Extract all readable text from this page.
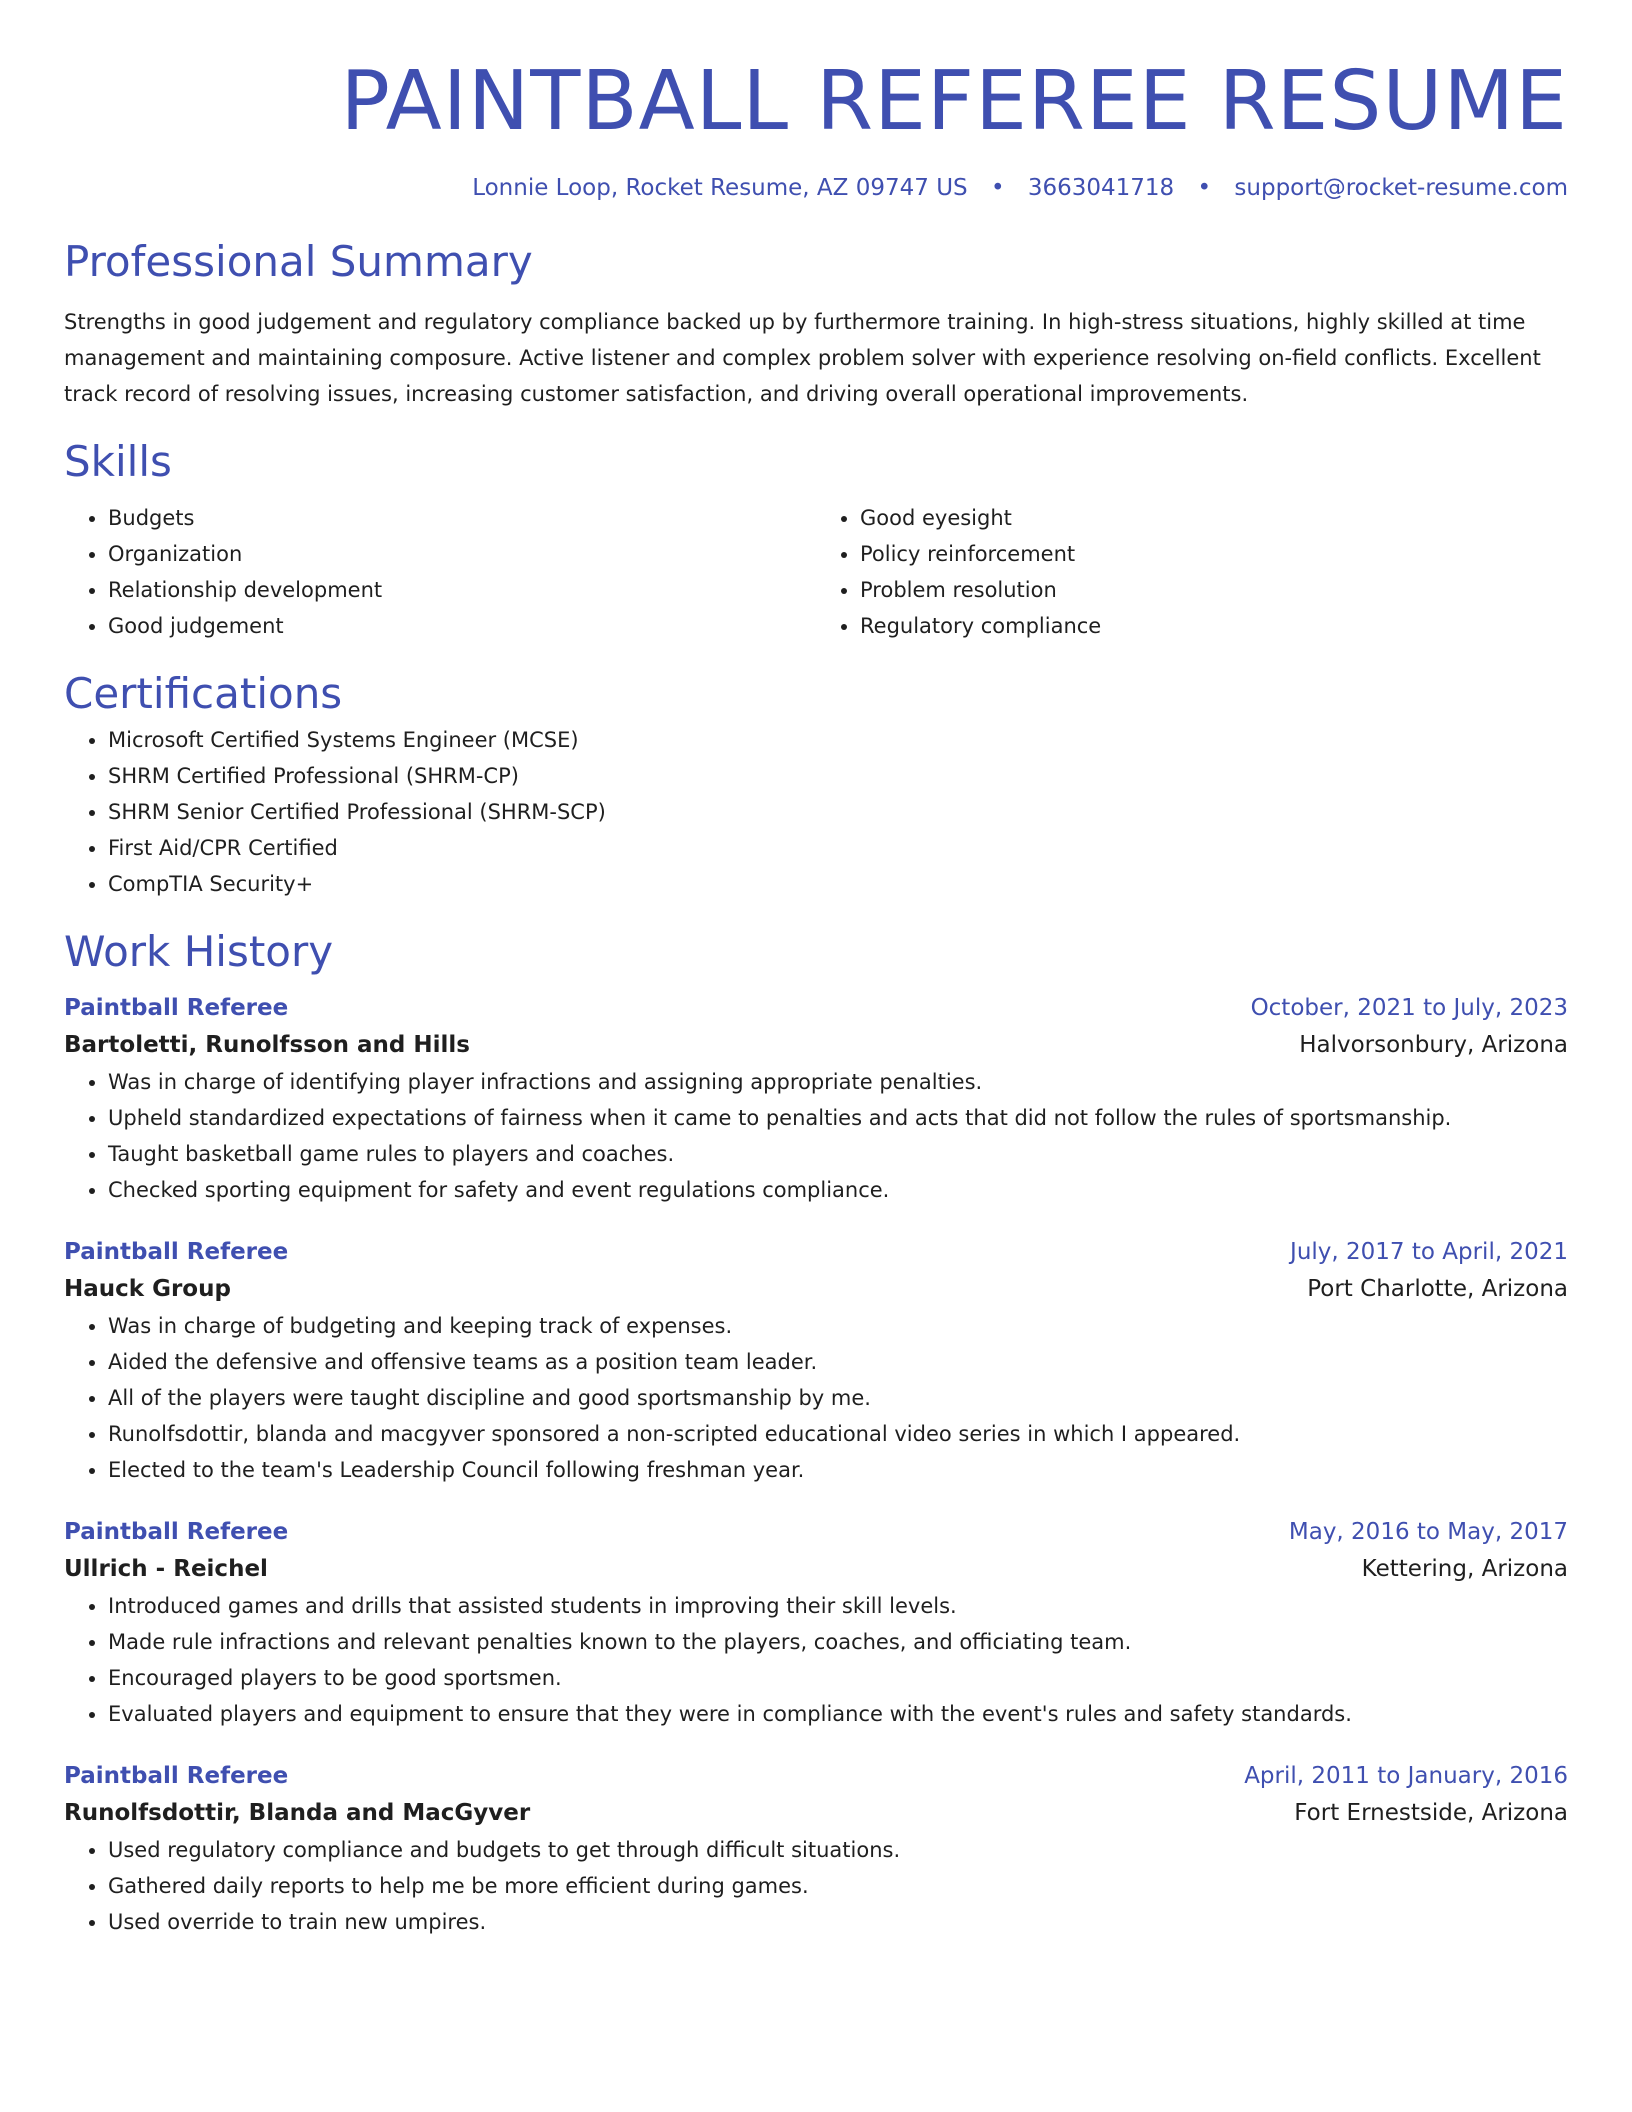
PAINTBALL REFEREE RESUME
Lonnie Loop, Rocket Resume, AZ 09747 US • 3663041718 • support@rocket-resume.com
Professional Summary
Strengths in good judgement and regulatory compliance backed up by furthermore training. In high-stress situations, highly skilled at time management and maintaining composure. Active listener and complex problem solver with experience resolving on-field conflicts. Excellent track record of resolving issues, increasing customer satisfaction, and driving overall operational improvements.
Skills
• Budgets
• Organization
• Relationship development
• Good judgement
• Good eyesight
• Policy reinforcement
• Problem resolution
• Regulatory compliance
Certifications
• Microsoft Certified Systems Engineer (MCSE)
• SHRM Certified Professional (SHRM-CP)
• SHRM Senior Certified Professional (SHRM-SCP)
• First Aid/CPR Certified
• CompTIA Security+
Work History
Paintball Referee	October, 2021 to July, 2023
Bartoletti, Runolfsson and Hills	Halvorsonbury, Arizona
• Was in charge of identifying player infractions and assigning appropriate penalties.
• Upheld standardized expectations of fairness when it came to penalties and acts that did not follow the rules of sportsmanship.
• Taught basketball game rules to players and coaches.
• Checked sporting equipment for safety and event regulations compliance.
Paintball Referee	July, 2017 to April, 2021
Hauck Group	Port Charlotte, Arizona
• Was in charge of budgeting and keeping track of expenses.
• Aided the defensive and offensive teams as a position team leader.
• All of the players were taught discipline and good sportsmanship by me.
• Runolfsdottir, blanda and macgyver sponsored a non-scripted educational video series in which I appeared.
• Elected to the team's Leadership Council following freshman year.
Paintball Referee	May, 2016 to May, 2017
Ullrich - Reichel	Kettering, Arizona
• Introduced games and drills that assisted students in improving their skill levels.
• Made rule infractions and relevant penalties known to the players, coaches, and officiating team.
• Encouraged players to be good sportsmen.
• Evaluated players and equipment to ensure that they were in compliance with the event's rules and safety standards.
Paintball Referee	April, 2011 to January, 2016
Runolfsdottir, Blanda and MacGyver	Fort Ernestside, Arizona
• Used regulatory compliance and budgets to get through difficult situations.
• Gathered daily reports to help me be more efficient during games.
• Used override to train new umpires.
